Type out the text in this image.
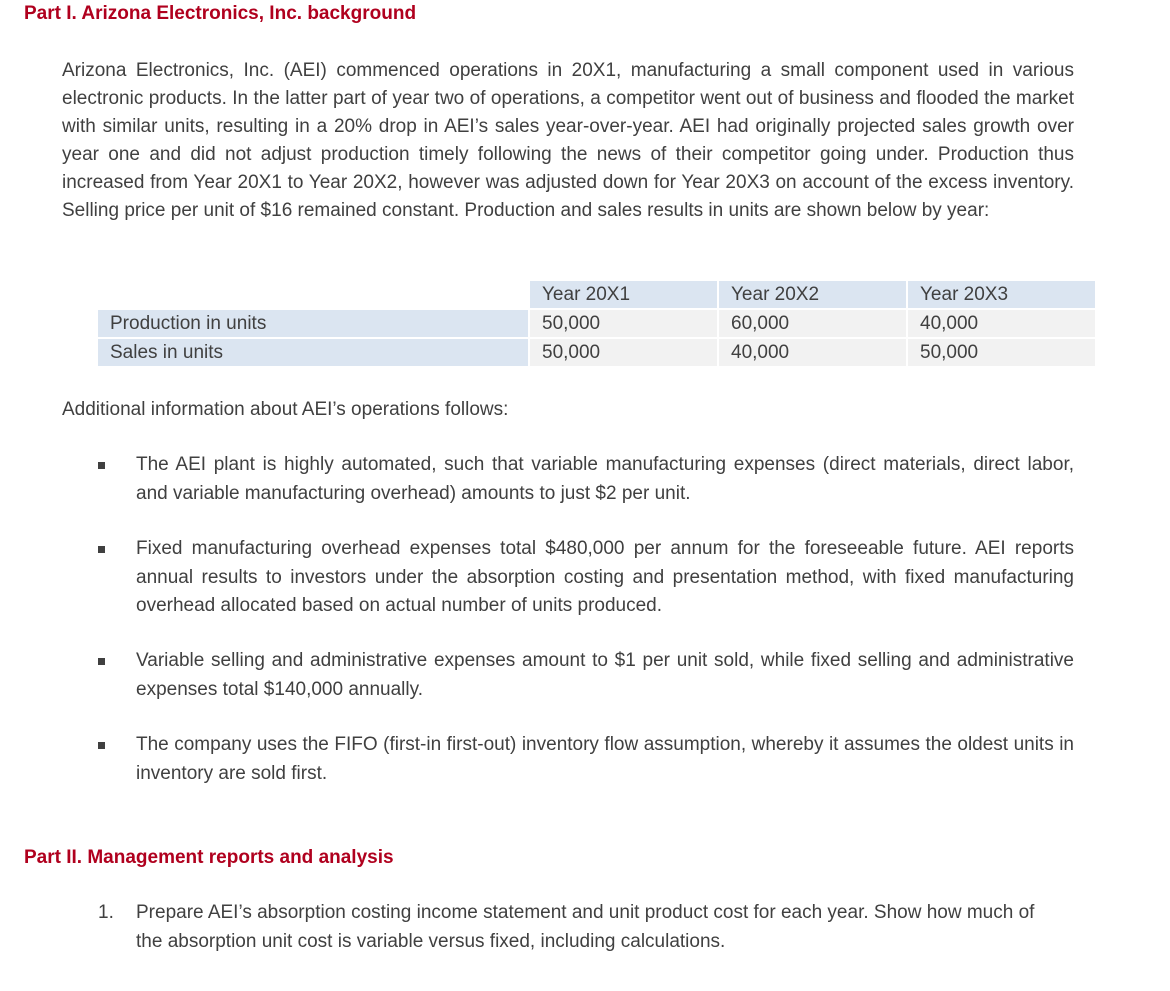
Part I. Arizona Electronics, Inc. background

Arizona Electronics, Inc. (AEI) commenced operations in 20X1, manufacturing a small component used in various electronic products. In the latter part of year two of operations, a competitor went out of business and flooded the market with similar units, resulting in a 20% drop in AEI’s sales year-over-year. AEI had originally projected sales growth over year one and did not adjust production timely following the news of their competitor going under. Production thus increased from Year 20X1 to Year 20X2, however was adjusted down for Year 20X3 on account of the excess inventory. Selling price per unit of $16 remained constant. Production and sales results in units are shown below by year:

	Year 20X1	Year 20X2	Year 20X3
Production in units	50,000	60,000	40,000
Sales in units	50,000	40,000	50,000

Additional information about AEI’s operations follows:

The AEI plant is highly automated, such that variable manufacturing expenses (direct materials, direct labor, and variable manufacturing overhead) amounts to just $2 per unit.
Fixed manufacturing overhead expenses total $480,000 per annum for the foreseeable future. AEI reports annual results to investors under the absorption costing and presentation method, with fixed manufacturing overhead allocated based on actual number of units produced.
Variable selling and administrative expenses amount to $1 per unit sold, while fixed selling and administrative expenses total $140,000 annually.
The company uses the FIFO (first-in first-out) inventory flow assumption, whereby it assumes the oldest units in inventory are sold first.
Part II. Management reports and analysis
1. Prepare AEI’s absorption costing income statement and unit product cost for each year. Show how much of the absorption unit cost is variable versus fixed, including calculations.
